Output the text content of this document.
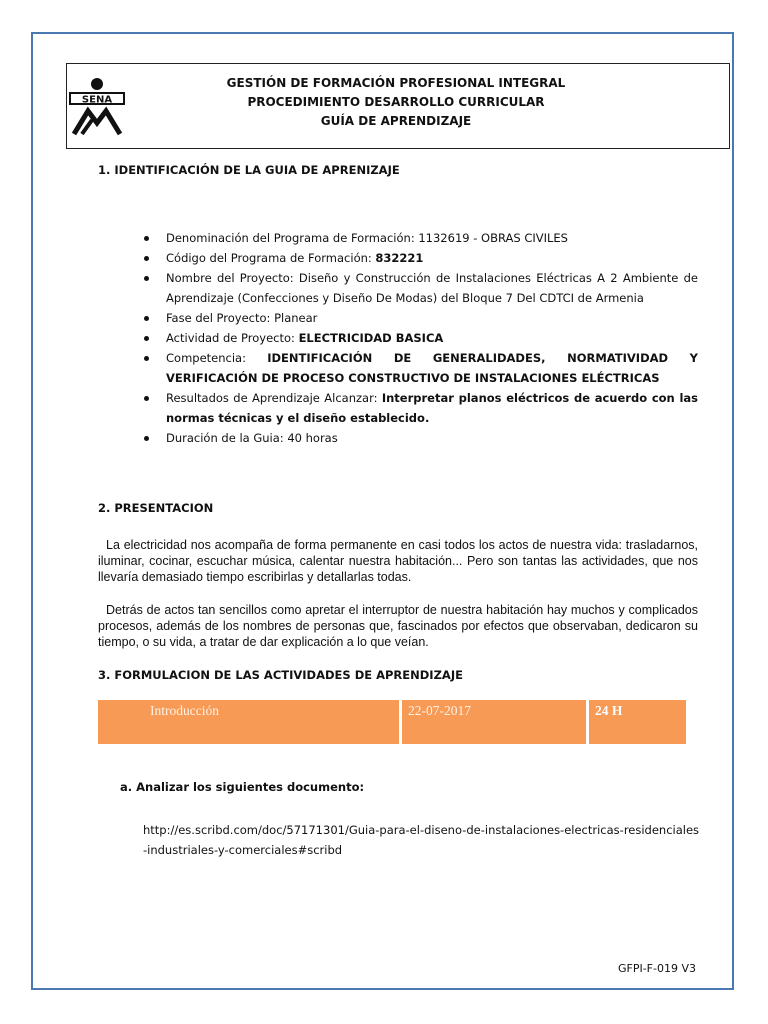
SENA
GESTIÓN DE FORMACIÓN PROFESIONAL INTEGRAL
PROCEDIMIENTO DESARROLLO CURRICULAR
GUÍA DE APRENDIZAJE
1. IDENTIFICACIÓN DE LA GUIA DE APRENIZAJE
Denominación del Programa de Formación: 1132619 - OBRAS CIVILES
Código del Programa de Formación: 832221
Nombre del Proyecto: Diseño y Construcción de Instalaciones Eléctricas A 2 Ambiente de Aprendizaje (Confecciones y Diseño De Modas) del Bloque 7 Del CDTCI de Armenia
Fase del Proyecto: Planear
Actividad de Proyecto: ELECTRICIDAD BASICA
Competencia: IDENTIFICACIÓN DE GENERALIDADES, NORMATIVIDAD Y VERIFICACIÓN DE PROCESO CONSTRUCTIVO DE INSTALACIONES ELÉCTRICAS
Resultados de Aprendizaje Alcanzar: Interpretar planos eléctricos de acuerdo con las normas técnicas y el diseño establecido.
Duración de la Guia: 40 horas
2. PRESENTACION

La electricidad nos acompaña de forma permanente en casi todos los actos de nuestra vida: trasladarnos, iluminar, cocinar, escuchar música, calentar nuestra habitación... Pero son tantas las actividades, que nos llevaría demasiado tiempo escribirlas y detallarlas todas.

Detrás de actos tan sencillos como apretar el interruptor de nuestra habitación hay muchos y complicados procesos, además de los nombres de personas que, fascinados por efectos que observaban, dedicaron su tiempo, o su vida, a tratar de dar explicación a lo que veían.

3. FORMULACION DE LAS ACTIVIDADES DE APRENDIZAJE
Introducción	22-07-2017	24 H
a. Analizar los siguientes documento:
http://es.scribd.com/doc/57171301/Guia-para-el-diseno-de-instalaciones-electricas-residenciales-industriales-y-comerciales#scribd
GFPI-F-019 V3
